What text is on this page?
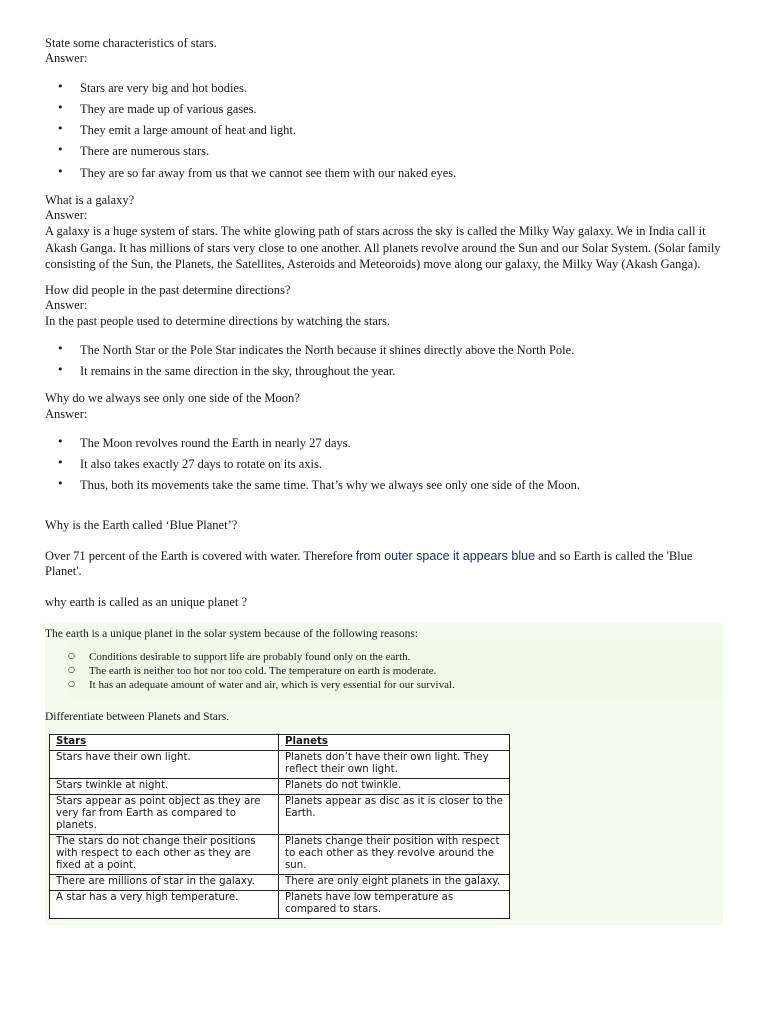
State some characteristics of stars.

Answer:

• Stars are very big and hot bodies.
• They are made up of various gases.
• They emit a large amount of heat and light.
• There are numerous stars.
• They are so far away from us that we cannot see them with our naked eyes.

What is a galaxy?

Answer:

A galaxy is a huge system of stars. The white glowing path of stars across the sky is called the Milky Way galaxy. We in India call it Akash Ganga. It has millions of stars very close to one another. All planets revolve around the Sun and our Solar System. (Solar family consisting of the Sun, the Planets, the Satellites, Asteroids and Meteoroids) move along our galaxy, the Milky Way (Akash Ganga).

How did people in the past determine directions?

Answer:

In the past people used to determine directions by watching the stars.

• The North Star or the Pole Star indicates the North because it shines directly above the North Pole.
• It remains in the same direction in the sky, throughout the year.

Why do we always see only one side of the Moon?

Answer:

• The Moon revolves round the Earth in nearly 27 days.
• It also takes exactly 27 days to rotate on its axis.
• Thus, both its movements take the same time. That’s why we always see only one side of the Moon.

Why is the Earth called ‘Blue Planet’?

Over 71 percent of the Earth is covered with water. Therefore from outer space it appears blue and so Earth is called the 'Blue Planet'.

why earth is called as an unique planet ?

The earth is a unique planet in the solar system because of the following reasons:

○ Conditions desirable to support life are probably found only on the earth.
○ The earth is neither too hot nor too cold. The temperature on earth is moderate.
○ It has an adequate amount of water and air, which is very essential for our survival.

Differentiate between Planets and Stars.

Stars	Planets
Stars have their own light.	Planets don’t have their own light. They reflect their own light.
Stars twinkle at night.	Planets do not twinkle.
Stars appear as point object as they are very far from Earth as compared to planets.	Planets appear as disc as it is closer to the Earth.
The stars do not change their positions with respect to each other as they are fixed at a point.	Planets change their position with respect to each other as they revolve around the sun.
There are millions of star in the galaxy.	There are only eight planets in the galaxy.
A star has a very high temperature.	Planets have low temperature as compared to stars.
